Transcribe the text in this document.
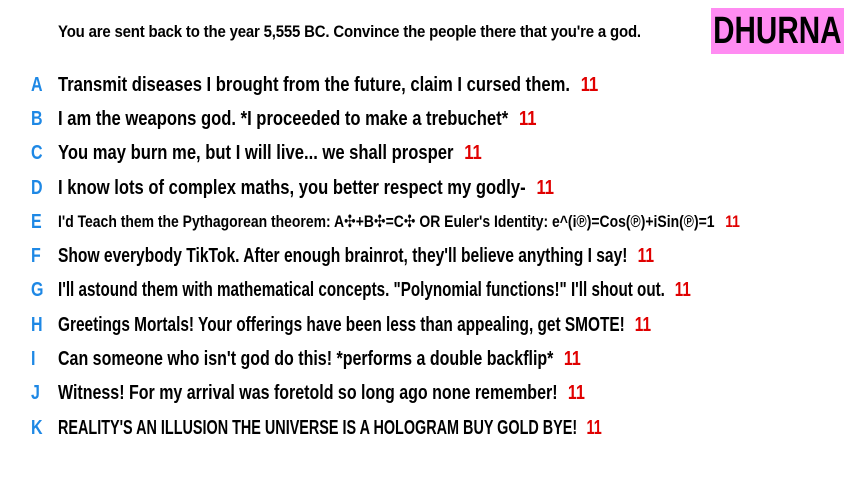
You are sent back to the year 5,555 BC. Convince the people there that you're a god. DHURNA
A Transmit diseases I brought from the future, claim I cursed them. 11
B I am the weapons god. *I proceeded to make a trebuchet* 11
C You may burn me, but I will live... we shall prosper 11
D I know lots of complex maths, you better respect my godly- 11
E I'd Teach them the Pythagorean theorem: A✣+B✣=C✣ OR Euler's Identity: e^(i℗)=Cos(℗)+iSin(℗)=1 11
F Show everybody TikTok. After enough brainrot, they'll believe anything I say! 11
G I'll astound them with mathematical concepts. "Polynomial functions!" I'll shout out. 11
H Greetings Mortals! Your offerings have been less than appealing, get SMOTE! 11
I	Can someone who isn't god do this! *performs a double backflip* 11
J Witness! For my arrival was foretold so long ago none remember! 11
K REALITY'S AN ILLUSION THE UNIVERSE IS A HOLOGRAM BUY GOLD BYE! 11
